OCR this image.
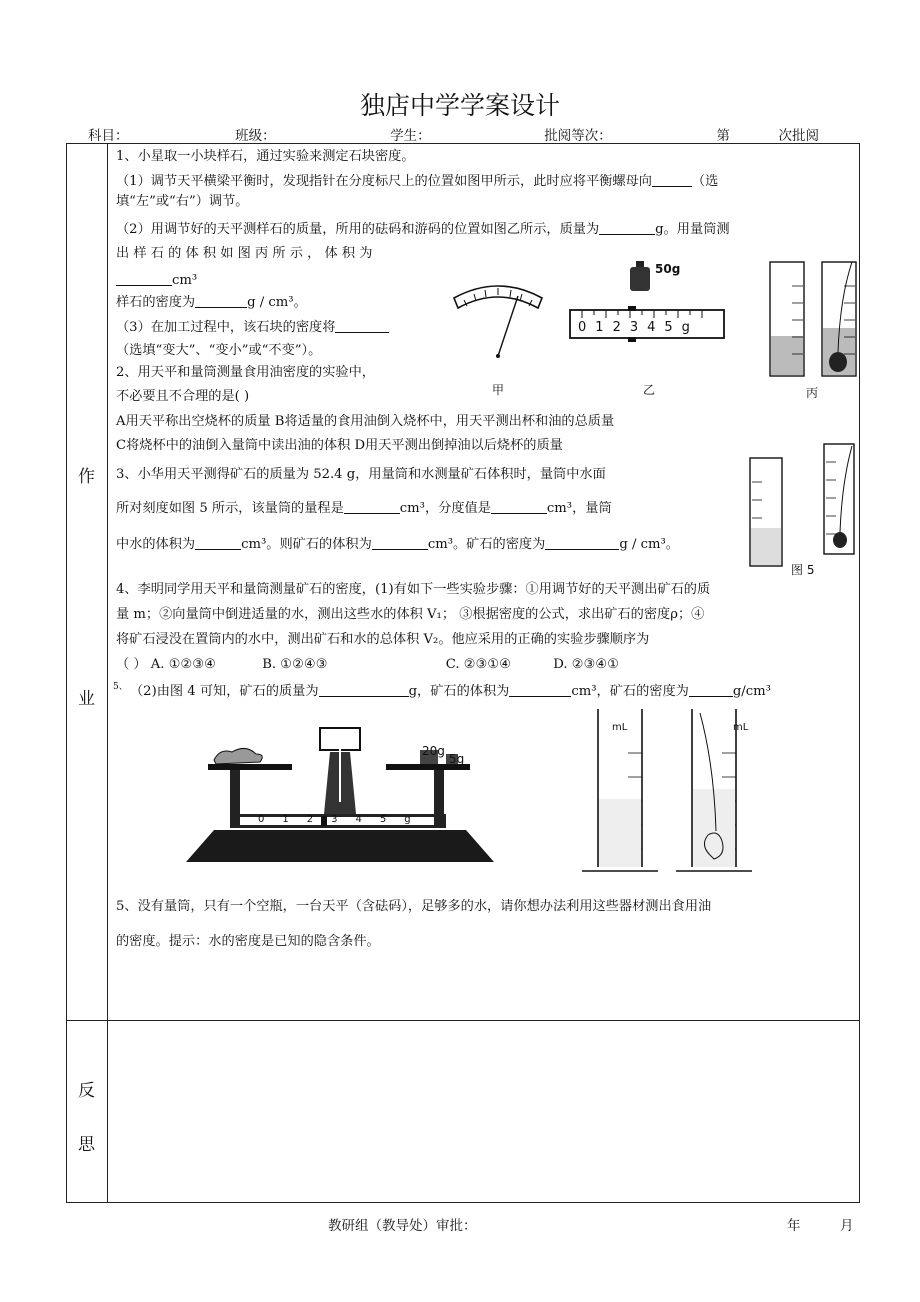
独店中学学案设计
科目：	班级：	学生：	批阅等次：	第	次批阅
作
业
反
思
1、小星取一小块样石，通过实验来测定石块密度。
（1）调节天平横梁平衡时，发现指针在分度标尺上的位置如图甲所示，此时应将平衡螺母向	（选
填“左”或“右”）调节。
（2）用调节好的天平测样石的质量，所用的砝码和游码的位置如图乙所示，质量为	g。用量筒测
出 样 石 的 体 积 如 图 丙 所 示 ， 体 积 为
cm³
样石的密度为	g / cm³。
（3）在加工过程中，该石块的密度将
（选填“变大”、“变小”或“不变”）。
甲
50g
012345g
乙	丙
2、用天平和量筒测量食用油密度的实验中，
不必要且不合理的是( )
A用天平称出空烧杯的质量 B将适量的食用油倒入烧杯中，用天平测出杯和油的总质量
C将烧杯中的油倒入量筒中读出油的体积 D用天平测出倒掉油以后烧杯的质量
3、小华用天平测得矿石的质量为 52.4 g，用量筒和水测量矿石体积时，量筒中水面
所对刻度如图 5 所示，该量筒的量程是	cm³，分度值是	cm³，量筒
中水的体积为	cm³。则矿石的体积为	cm³。矿石的密度为	g / cm³。
图 5
4、李明同学用天平和量筒测量矿石的密度，(1)有如下一些实验步骤：①用调节好的天平测出矿石的质
量 m；②向量筒中倒进适量的水，测出这些水的体积 V₁； ③根据密度的公式，求出矿石的密度ρ；④
将矿石浸没在置筒内的水中，测出矿石和水的总体积 V₂。他应采用的正确的实验步骤顺序为
（ ） A. ①②③④	B. ①②④③	C. ②③①④	D. ②③④①
5、 （2)由图 4 可知，矿石的质量为	g，矿石的体积为	cm³，矿石的密度为	g/cm³
20g
5g
012345g
mL	mL
5、没有量筒，只有一个空瓶，一台天平（含砝码），足够多的水，请你想办法利用这些器材测出食用油
的密度。提示：水的密度是已知的隐含条件。
教研组（教导处）审批：	年	月
